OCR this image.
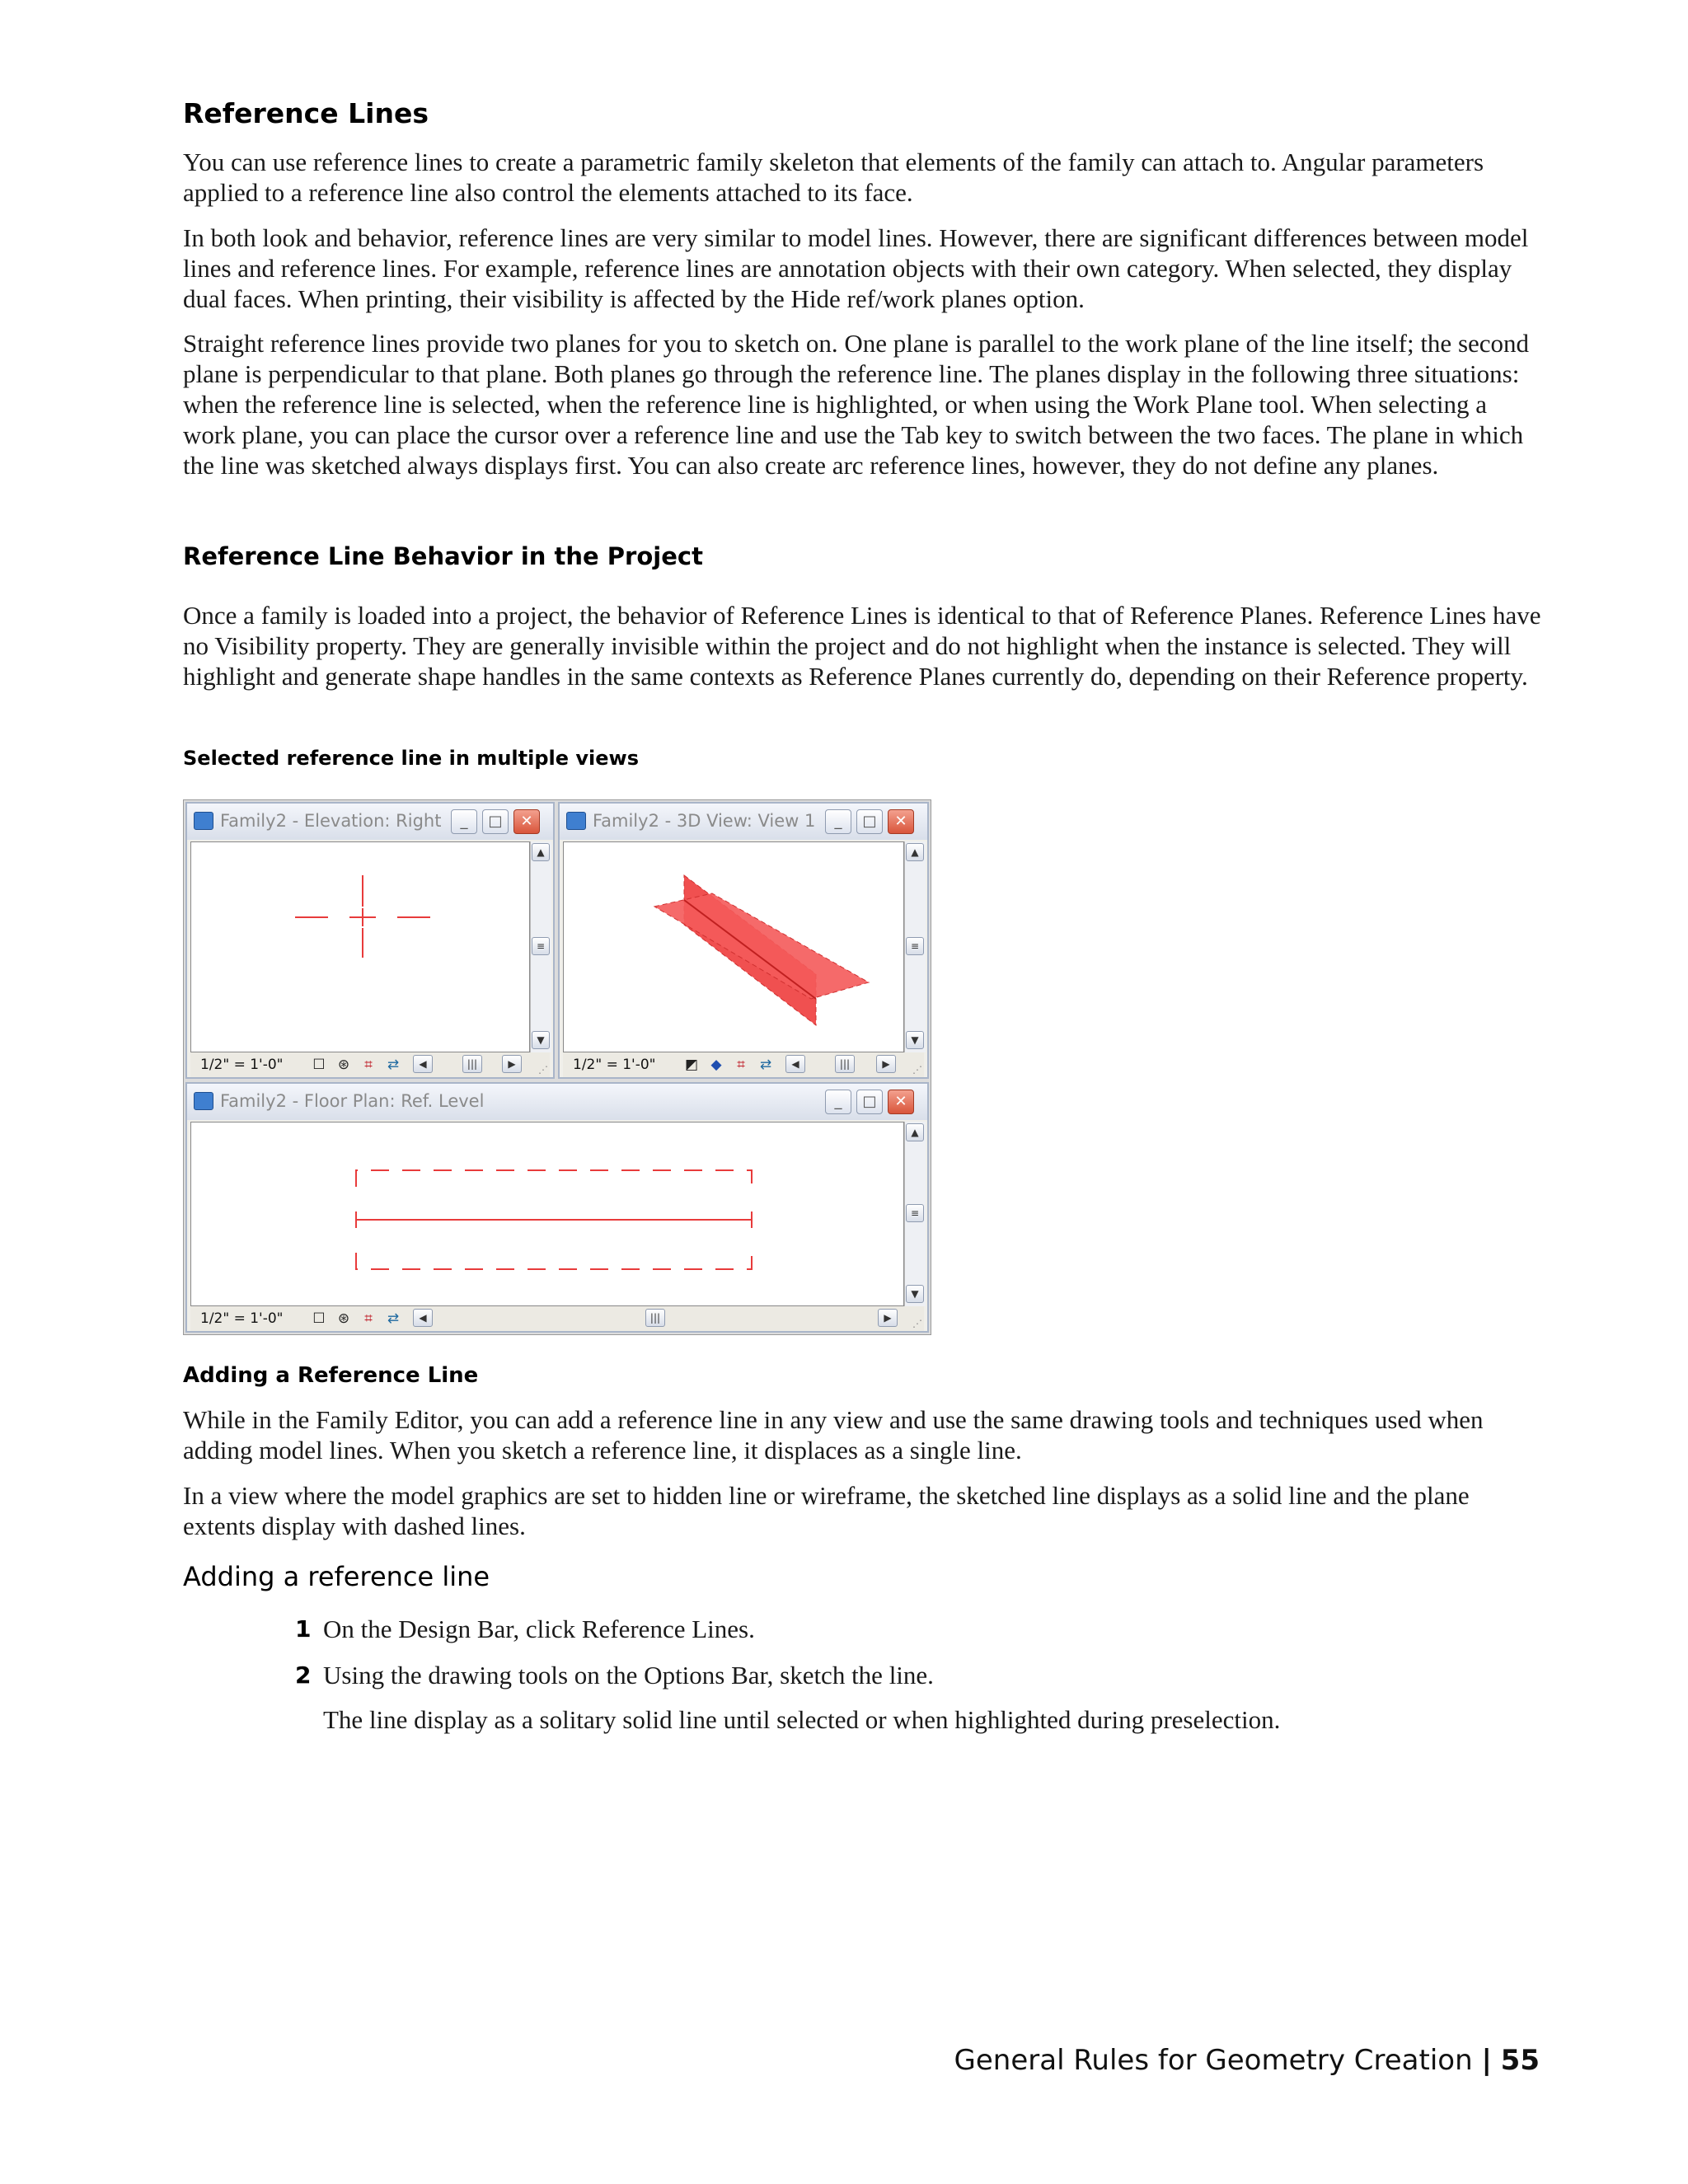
Reference Lines
You can use reference lines to create a parametric family skeleton that elements of the family can attach to. Angular parameters applied to a reference line also control the elements attached to its face.
In both look and behavior, reference lines are very similar to model lines. However, there are significant differences between model lines and reference lines. For example, reference lines are annotation objects with their own category. When selected, they display dual faces. When printing, their visibility is affected by the Hide ref/work planes option.
Straight reference lines provide two planes for you to sketch on. One plane is parallel to the work plane of the line itself; the second plane is perpendicular to that plane. Both planes go through the reference line. The planes display in the following three situations: when the reference line is selected, when the reference line is highlighted, or when using the Work Plane tool. When selecting a work plane, you can place the cursor over a reference line and use the Tab key to switch between the two faces. The plane in which the line was sketched always displays first. You can also create arc reference lines, however, they do not define any planes.
Reference Line Behavior in the Project
Once a family is loaded into a project, the behavior of Reference Lines is identical to that of Reference Planes. Reference Lines have no Visibility property. They are generally invisible within the project and do not highlight when the instance is selected. They will highlight and generate shape handles in the same contexts as Reference Planes currently do, depending on their Reference property.
Selected reference line in multiple views
Family2 - Elevation: Right	_	□	✕
▲
≡
▼
1/2" = 1'-0" ☐ ⊛	⌗	⇄	◀	|||	▶	⋰
Family2 - 3D View: View 1	_	□	✕
▲
≡
▼
1/2" = 1'-0" ◩ ◆	⌗	⇄	◀	|||	▶	⋰
Family2 - Floor Plan: Ref. Level	_	□	✕
▲
≡
▼
1/2" = 1'-0" ☐ ⊛	⌗	⇄	◀	|||	▶	⋰
Adding a Reference Line
While in the Family Editor, you can add a reference line in any view and use the same drawing tools and techniques used when adding model lines. When you sketch a reference line, it displaces as a single line.
In a view where the model graphics are set to hidden line or wireframe, the sketched line displays as a solid line and the plane extents display with dashed lines.
Adding a reference line
1 On the Design Bar, click Reference Lines.
2 Using the drawing tools on the Options Bar, sketch the line.
The line display as a solitary solid line until selected or when highlighted during preselection.
General Rules for Geometry Creation | 55
